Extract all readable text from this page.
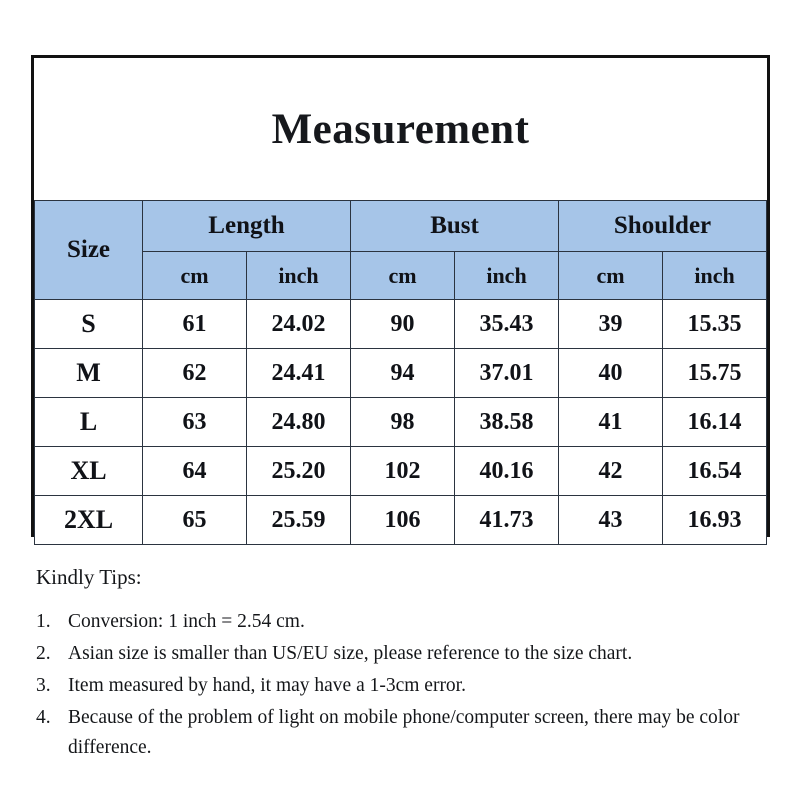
Measurement
Size	Length		Bust		Shoulder	
	cm	inch	cm	inch	cm	inch
S	61	24.02	90	35.43	39	15.35
M	62	24.41	94	37.01	40	15.75
L	63	24.80	98	38.58	41	16.14
XL	64	25.20	102	40.16	42	16.54
2XL	65	25.59	106	41.73	43	16.93
Kindly Tips:
1. Conversion: 1 inch = 2.54 cm.
2. Asian size is smaller than US/EU size, please reference to the size chart.
3. Item measured by hand, it may have a 1-3cm error.
4. Because of the problem of light on mobile phone/computer screen, there may be color difference.
